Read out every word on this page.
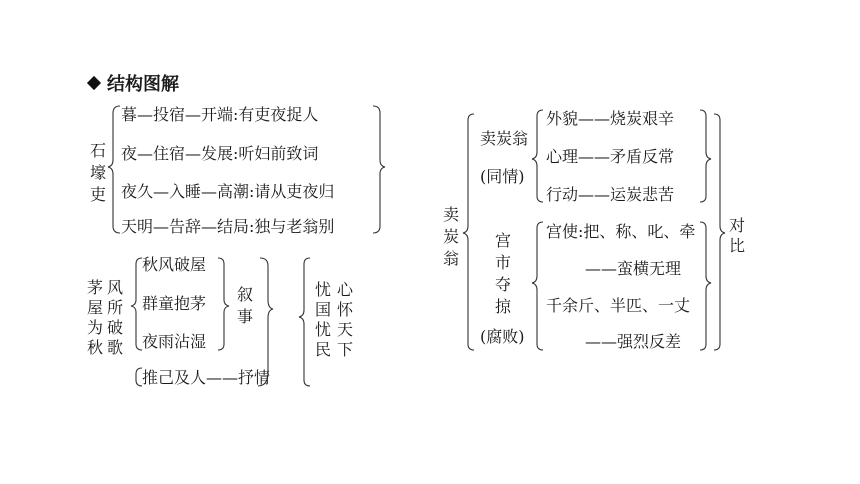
结构图解
石壕吏
暮—投宿—开端:有吏夜捉人
夜—住宿—发展:听妇前致词
夜久—入睡—高潮:请从吏夜归
天明—告辞—结局:独与老翁别
茅屋为秋
风所破歌
秋风破屋
群童抱茅
夜雨沾湿
叙事
推己及人——抒情
忧国忧民
心怀天下
卖炭翁
卖炭翁
(同情)
外貌——烧炭艰辛
心理——矛盾反常
行动——运炭悲苦
宫市夺掠
(腐败)
宫使:把、称、叱、牵
——蛮横无理
千余斤、半匹、一丈
——强烈反差
对比
